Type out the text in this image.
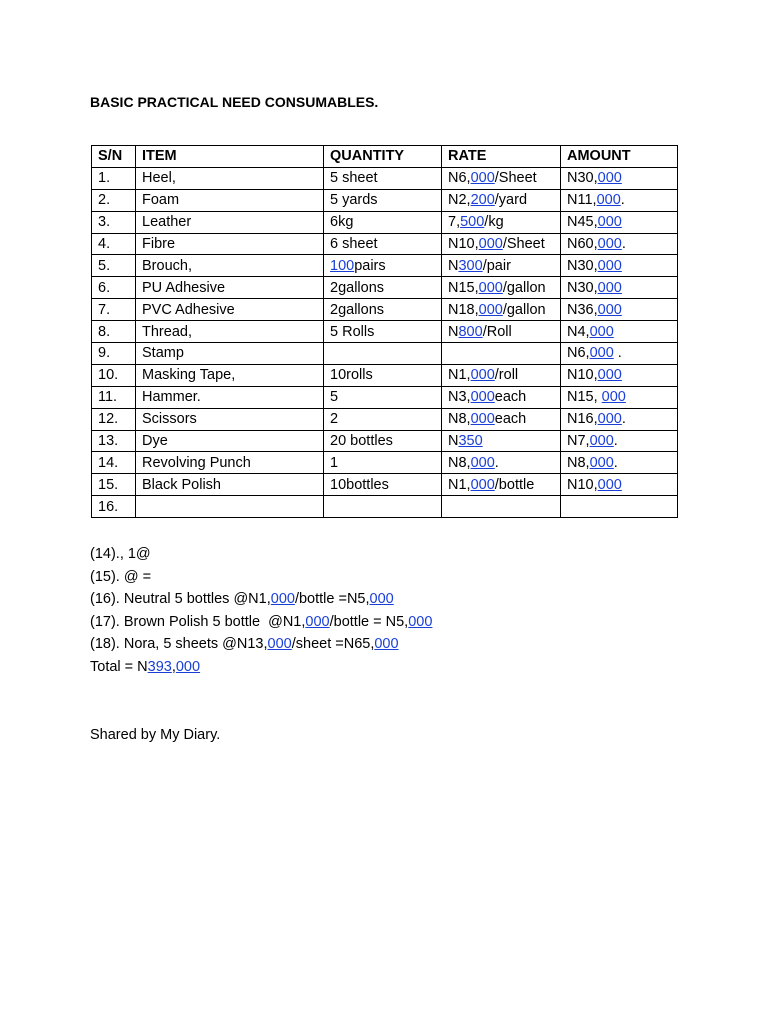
BASIC PRACTICAL NEED CONSUMABLES.
S/N	ITEM	QUANTITY	RATE	AMOUNT
1.	Heel,	5 sheet	N6,000/Sheet	N30,000
2.	Foam	5 yards	N2,200/yard	N11,000.
3.	Leather	6kg	7,500/kg	N45,000
4.	Fibre	6 sheet	N10,000/Sheet	N60,000.
5.	Brouch,	100pairs	N300/pair	N30,000
6.	PU Adhesive	2gallons	N15,000/gallon	N30,000
7.	PVC Adhesive	2gallons	N18,000/gallon	N36,000
8.	Thread,	5 Rolls	N800/Roll	N4,000
9.	Stamp			N6,000 .
10.	Masking Tape,	10rolls	N1,000/roll	N10,000
11.	Hammer.	5	N3,000each	N15, 000
12.	Scissors	2	N8,000each	N16,000.
13.	Dye	20 bottles	N350	N7,000.
14.	Revolving Punch	1	N8,000.	N8,000.
15.	Black Polish	10bottles	N1,000/bottle	N10,000
16.				
(14)., 1@
(15). @ =
(16). Neutral 5 bottles @N1,000/bottle =N5,000
(17). Brown Polish 5 bottle  @N1,000/bottle = N5,000
(18). Nora, 5 sheets @N13,000/sheet =N65,000
Total = N393,000
Shared by My Diary.
